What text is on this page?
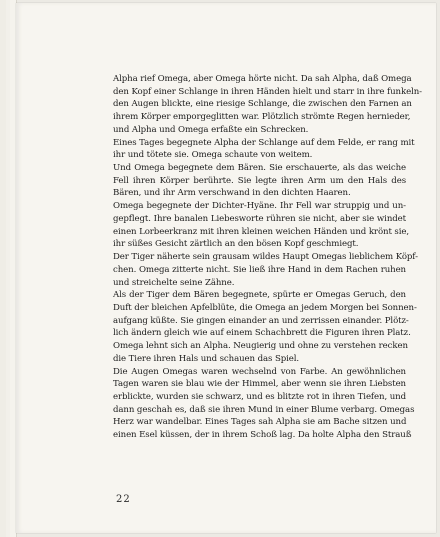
Alpha rief Omega, aber Omega hörte nicht. Da sah Alpha, daß Omega
den Kopf einer Schlange in ihren Händen hielt und starr in ihre funkeln-
den Augen blickte, eine riesige Schlange, die zwischen den Farnen an
ihrem Körper emporgeglitten war. Plötzlich strömte Regen hernieder,
und Alpha und Omega erfaßte ein Schrecken.
Eines Tages begegnete Alpha der Schlange auf dem Felde, er rang mit
ihr und tötete sie. Omega schaute von weitem.
Und Omega begegnete dem Bären. Sie erschauerte, als das weiche
Fell ihren Körper berührte. Sie legte ihren Arm um den Hals des
Bären, und ihr Arm verschwand in den dichten Haaren.
Omega begegnete der Dichter-Hyäne. Ihr Fell war struppig und un-
gepflegt. Ihre banalen Liebesworte rühren sie nicht, aber sie windet
einen Lorbeerkranz mit ihren kleinen weichen Händen und krönt sie,
ihr süßes Gesicht zärtlich an den bösen Kopf geschmiegt.
Der Tiger näherte sein grausam wildes Haupt Omegas lieblichem Köpf-
chen. Omega zitterte nicht. Sie ließ ihre Hand in dem Rachen ruhen
und streichelte seine Zähne.
Als der Tiger dem Bären begegnete, spürte er Omegas Geruch, den
Duft der bleichen Apfelblüte, die Omega an jedem Morgen bei Sonnen-
aufgang küßte. Sie gingen einander an und zerrissen einander. Plötz-
lich ändern gleich wie auf einem Schachbrett die Figuren ihren Platz.
Omega lehnt sich an Alpha. Neugierig und ohne zu verstehen recken
die Tiere ihren Hals und schauen das Spiel.
Die Augen Omegas waren wechselnd von Farbe. An gewöhnlichen
Tagen waren sie blau wie der Himmel, aber wenn sie ihren Liebsten
erblickte, wurden sie schwarz, und es blitzte rot in ihren Tiefen, und
dann geschah es, daß sie ihren Mund in einer Blume verbarg. Omegas
Herz war wandelbar. Eines Tages sah Alpha sie am Bache sitzen und
einen Esel küssen, der in ihrem Schoß lag. Da holte Alpha den Strauß
22
